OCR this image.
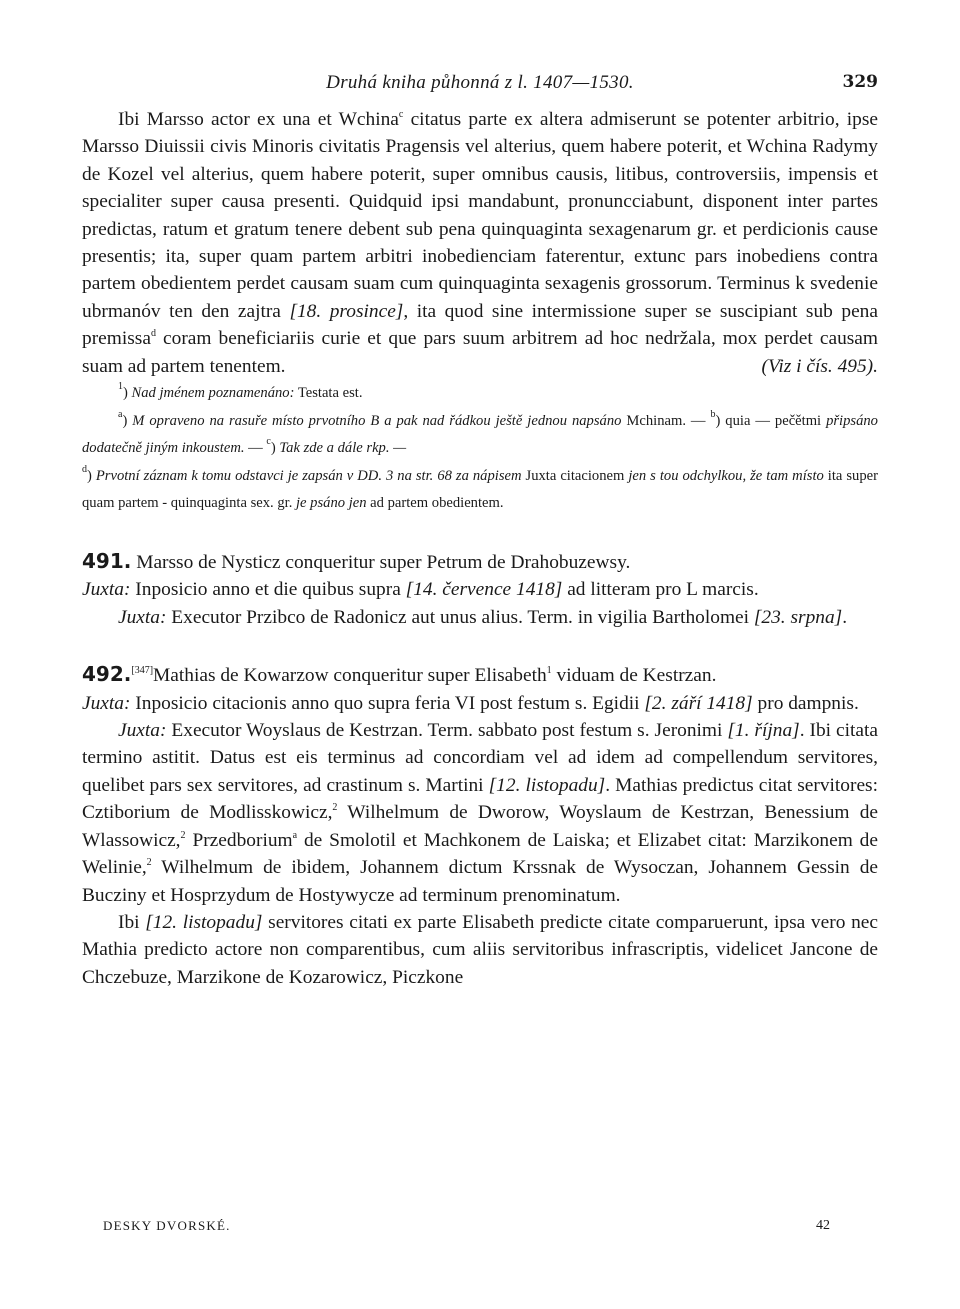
Druhá kniha půhonná z l. 1407—1530.	329

Ibi Marsso actor ex una et Wchina$^c$ citatus parte ex altera admiserunt se potenter arbitrio, ipse Marsso Diuissii civis Minoris civitatis Pragensis vel alterius, quem habere poterit, et Wchina Radymy de Kozel vel alterius, quem habere poterit, super omnibus causis, litibus, controversiis, impensis et specialiter super causa presenti. Quidquid ipsi mandabunt, pronuncciabunt, disponent inter partes predictas, ratum et gratum tenere debent sub pena quinquaginta sexagenarum gr. et perdicionis cause presentis; ita, super quam partem arbitri inobedienciam faterentur, extunc pars inobediens contra partem obedientem perdet causam suam cum quinquaginta sexagenis grossorum. Terminus k svedenie ubrmanóv ten den zajtra [18. prosince], ita quod sine intermissione super se suscipiant sub pena premissa$^d$ coram beneficiariis curie et que pars suum arbitrem ad hoc nedržala, mox perdet causam suam ad partem tenentem.	(Viz i čís. 495).

$^1$) Nad jménem poznamenáno: Testata est.

$^a$) M opraveno na rasuře místo prvotního B a pak nad řádkou ještě jednou napsáno Mchinam. — $^b$) quia — pečětmi připsáno dodatečně jiným inkoustem. — $^c$) Tak zde a dále rkp. —

$^d$) Prvotní záznam k tomu odstavci je zapsán v DD. 3 na str. 68 za nápisem Juxta citacionem jen s tou odchylkou, že tam místo ita super quam partem - quinquaginta sex. gr. je psáno jen ad partem obedientem.

491. Marsso de Nysticz conqueritur super Petrum de Drahobuzewsy.

Juxta: Inposicio anno et die quibus supra [14. července 1418] ad litteram pro L marcis.

Juxta: Executor Przibco de Radonicz aut unus alius. Term. in vigilia Bartholomei [23. srpna].

492.[347]Mathias de Kowarzow conqueritur super Elisabeth$^1$ viduam de Kestrzan.

Juxta: Inposicio citacionis anno quo supra feria VI post festum s. Egidii [2. září 1418] pro dampnis.

Juxta: Executor Woyslaus de Kestrzan. Term. sabbato post festum s. Jeronimi [1. října]. Ibi citata termino astitit. Datus est eis terminus ad concordiam vel ad idem ad compellendum servitores, quelibet pars sex servitores, ad crastinum s. Martini [12. listopadu]. Mathias predictus citat servitores: Cztiborium de Modlisskowicz,$^2$ Wilhelmum de Dworow, Woyslaum de Kestrzan, Benessium de Wlassowicz,$^2$ Przedborium$^a$ de Smolotil et Machkonem de Laiska; et Elizabet citat: Marzikonem de Welinie,$^2$ Wilhelmum de ibidem, Johannem dictum Krssnak de Wysoczan, Johannem Gessin de Bucziny et Hosprzydum de Hostywycze ad terminum prenominatum.

Ibi [12. listopadu] servitores citati ex parte Elisabeth predicte citate comparuerunt, ipsa vero nec Mathia predicto actore non comparentibus, cum aliis servitoribus infrascriptis, videlicet Jancone de Chczebuze, Marzikone de Kozarowicz, Piczkone

DESKY DVORSKÉ.	42
